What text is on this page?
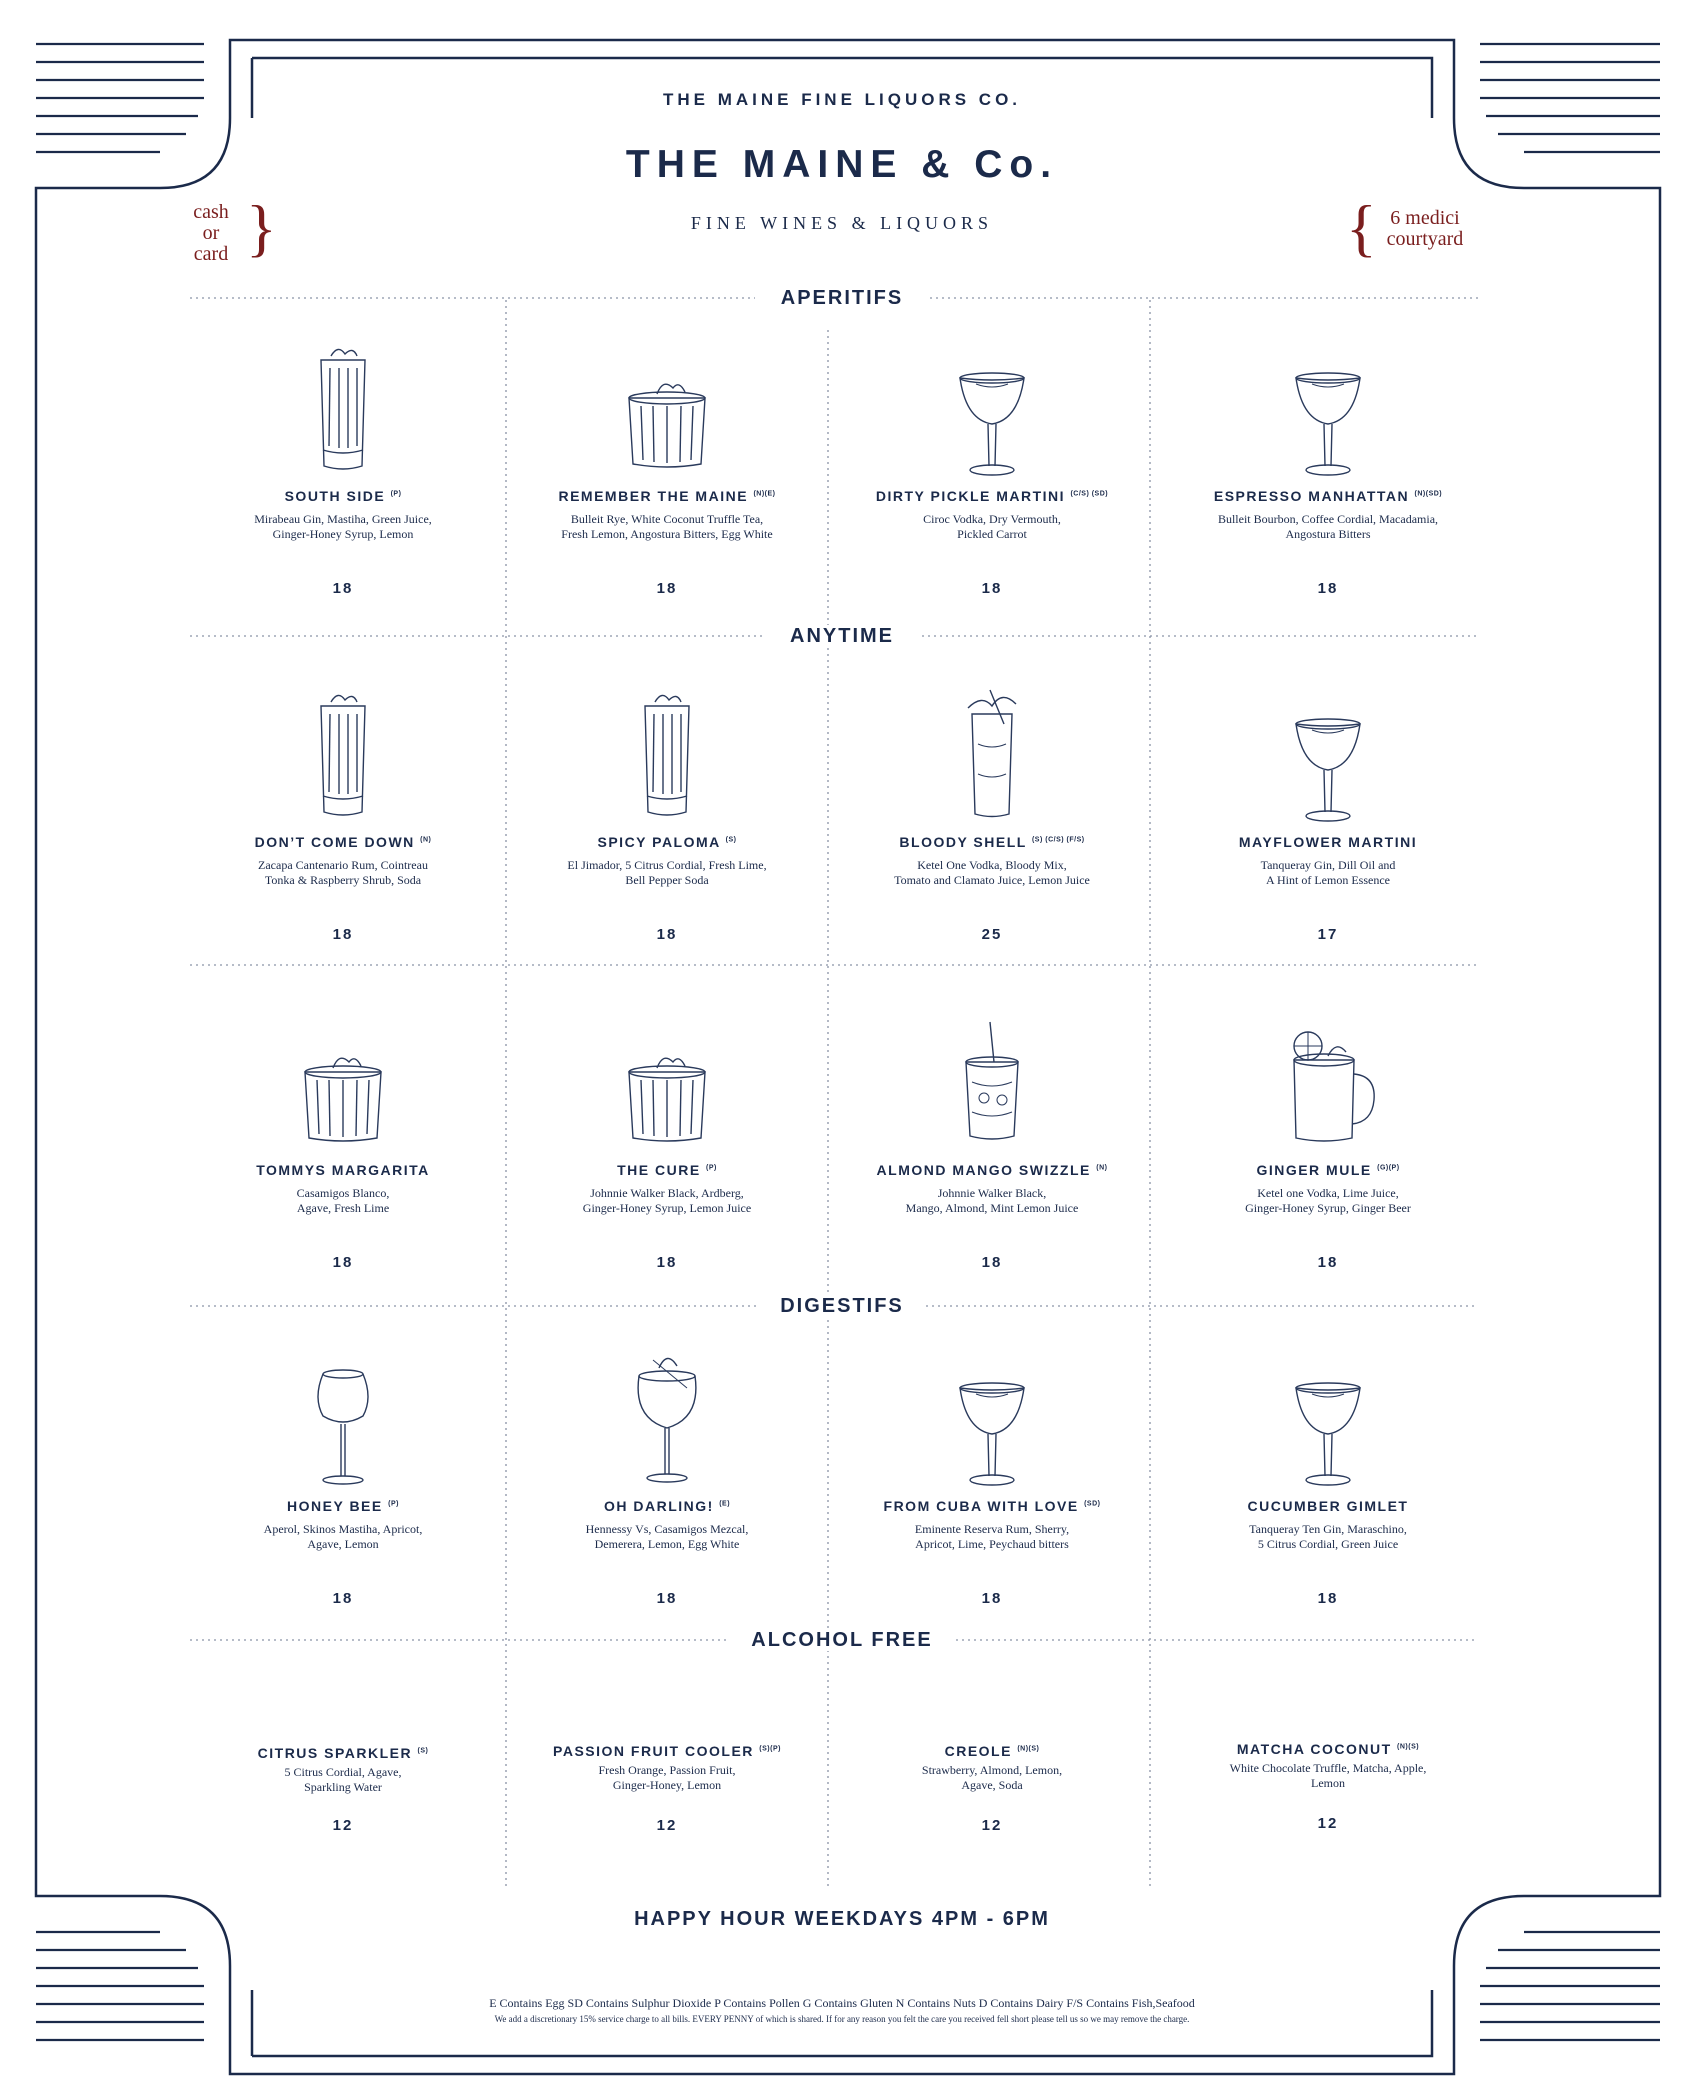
THE MAINE FINE LIQUORS CO.
THE MAINE & Co.
FINE WINES & LIQUORS
cash
or
card }	{ 6 medici
courtyard
APERITIFS
ANYTIME
DIGESTIFS
ALCOHOL FREE
SOUTH SIDE $^{(P)}$
Mirabeau Gin, Mastiha, Green Juice,
Ginger-Honey Syrup, Lemon
18
REMEMBER THE MAINE $^{(N)(E)}$
Bulleit Rye, White Coconut Truffle Tea,
Fresh Lemon, Angostura Bitters, Egg White
18
DIRTY PICKLE MARTINI $^{(C/S) (SD)}$
Ciroc Vodka, Dry Vermouth,
Pickled Carrot
18
ESPRESSO MANHATTAN $^{(N)(SD)}$
Bulleit Bourbon, Coffee Cordial, Macadamia,
Angostura Bitters
18
DON’T COME DOWN $^{(N)}$
Zacapa Cantenario Rum, Cointreau
Tonka & Raspberry Shrub, Soda
18
SPICY PALOMA $^{(S)}$
El Jimador, 5 Citrus Cordial, Fresh Lime,
Bell Pepper Soda
18
BLOODY SHELL $^{(S) (C/S) (F/S)}$
Ketel One Vodka, Bloody Mix,
Tomato and Clamato Juice, Lemon Juice
25
MAYFLOWER MARTINI
Tanqueray Gin, Dill Oil and
A Hint of Lemon Essence
17
TOMMYS MARGARITA
Casamigos Blanco,
Agave, Fresh Lime
18
THE CURE $^{(P)}$
Johnnie Walker Black, Ardberg,
Ginger-Honey Syrup, Lemon Juice
18
ALMOND MANGO SWIZZLE $^{(N)}$
Johnnie Walker Black,
Mango, Almond, Mint Lemon Juice
18
GINGER MULE $^{(G)(P)}$
Ketel one Vodka, Lime Juice,
Ginger-Honey Syrup, Ginger Beer
18
HONEY BEE $^{(P)}$
Aperol, Skinos Mastiha, Apricot,
Agave, Lemon
18
OH DARLING! $^{(E)}$
Hennessy Vs, Casamigos Mezcal,
Demerera, Lemon, Egg White
18
FROM CUBA WITH LOVE $^{(SD)}$
Eminente Reserva Rum, Sherry,
Apricot, Lime, Peychaud bitters
18
CUCUMBER GIMLET
Tanqueray Ten Gin, Maraschino,
5 Citrus Cordial, Green Juice
18
CITRUS SPARKLER $^{(S)}$
5 Citrus Cordial, Agave,
Sparkling Water
12
PASSION FRUIT COOLER $^{(S)(P)}$
Fresh Orange, Passion Fruit,
Ginger-Honey, Lemon
12
CREOLE $^{(N)(S)}$
Strawberry, Almond, Lemon,
Agave, Soda
12
MATCHA COCONUT $^{(N)(S)}$
White Chocolate Truffle, Matcha, Apple,
Lemon
12
HAPPY HOUR WEEKDAYS 4PM - 6PM
E Contains Egg SD Contains Sulphur Dioxide P Contains Pollen G Contains Gluten N Contains Nuts D Contains Dairy F/S Contains Fish,Seafood
We add a discretionary 15% service charge to all bills. EVERY PENNY of which is shared. If for any reason you felt the care you received fell short please tell us so we may remove the charge.
